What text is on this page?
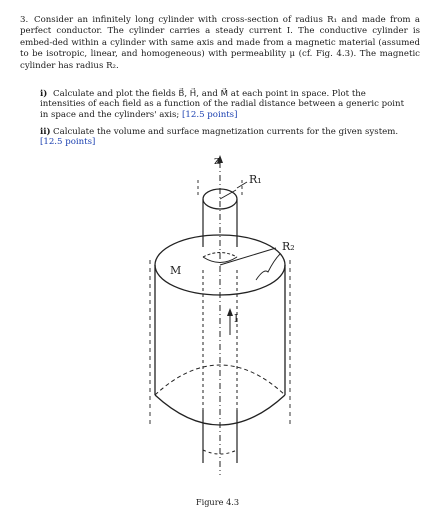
3. Consider an infinitely long cylinder with cross-section of radius R₁ and made from a perfect conductor. The cylinder carries a steady current I. The conductive cylinder is embed-ded within a cylinder with same axis and made from a magnetic material (assumed to be isotropic, linear, and homogeneous) with permeability μ (cf. Fig. 4.3). The magnetic cylinder has radius R₂.
i) Calculate and plot the fields B⃗, H⃗, and M⃗ at each point in space. Plot the intensities of each field as a function of the radial distance between a generic point in space and the cylinders' axis; [12.5 points]
ii) Calculate the volume and surface magnetization currents for the given system. [12.5 points]
z
R₁
R₂
M
I
Figure 4.3
